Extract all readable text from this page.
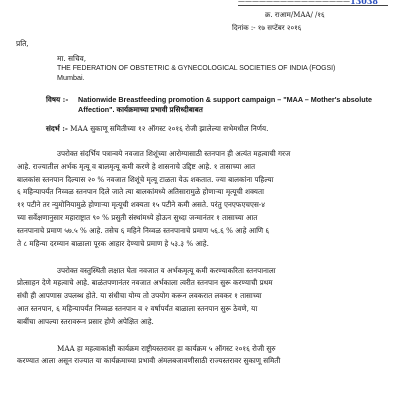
———————————————— 13038
क्र. राआम/MAA/ /१६
दिनांक :- १७ सप्टेंबर २०१६
प्रति,
मा. सचिव,
THE FEDERATION OF OBSTETRIC & GYNECOLOGICAL SOCIETIES OF INDIA (FOGSI)
Mumbai.
विषय :- Nationwide Breastfeeding promotion & support campaign – "MAA – Mother's absolute Affection". कार्यक्रमाच्या प्रभावी प्रसिध्दीबाबत
संदर्भ :- MAA सुकाणू समितीच्या १२ ऑगस्ट २०१६ रोजी झालेल्या सभेमधील निर्णय.
उपरोक्त संदर्भिय पत्रान्वये नवजात शिशूंच्या आरोग्यासाठी स्तनपान ही अत्यंत महत्वाची गरज
आहे. राज्यातील अर्भक मृत्यू व बालमृत्यू कमी करणे हे शासनाचे उद्दिष्ट आहे. १ तासाच्या आत
बालकांस स्तनपान दिल्यास २० % नवजात शिशूंचे मृत्यू टाळता येऊ शकतात. ज्या बालकांना पहिल्या
६ महिन्यापर्यंत निव्वळ स्तनपान दिले जाते त्या बालकांमध्ये अतिसारामुळे होणाऱ्या मृत्यूची शक्यता
११ पटीने तर न्युमोनियामुळे होणाऱ्या मृत्यूची शक्यता १५ पटीने कमी असते. परंतु एनएफएचएस-४
च्या सर्वेक्षणानुसार महाराष्ट्रात ९० % प्रसुती संस्थांमध्ये होऊन सुध्दा जन्मानंतर १ तासाच्या आत
स्तनपानाचे प्रमाण ५७.५ % आहे. तसेच ६ महिने निव्वळ स्तनपानाचे प्रमाण ५६.६ % आहे आणि ६
ते ८ महिन्या दरम्यान बाळाला पूरक आहार देण्याचे प्रमाण हे ५३.३ % आहे.
उपरोक्त वस्तुस्थिती लक्षात घेता नवजात व अर्भकमृत्यू कमी करण्याकरिता स्तनपानाला
प्रोत्साहन देणे महत्वाचे आहे. बाळंतपणानंतर नवजात अर्भकाला त्वरीत स्तनपान सुरू करण्याची प्रथम
संधी ही आपणास उपलब्ध होते. या संधीचा योग्य तो उपयोग करून लवकरात लवकर १ तासाच्या
आत स्तनपान, ६ महिन्यापर्यंत निव्वळ स्तनपान व २ वर्षापर्यंत बाळाला स्तनपान सुरू ठेवणे, या
बाबींचा आपल्या स्तरावरून प्रसार होणे अपेक्षित आहे.
MAA हा महत्वाकांक्षी कार्यक्रम राष्ट्रीयस्तरावर हा कार्यक्रम ५ ऑगस्ट २०१६ रोजी सुरु
करण्यात आला असून राज्यात या कार्यक्रमाच्या प्रभावी अंमलबजावणीसाठी राज्यस्तरावर सुकाणू समिती
